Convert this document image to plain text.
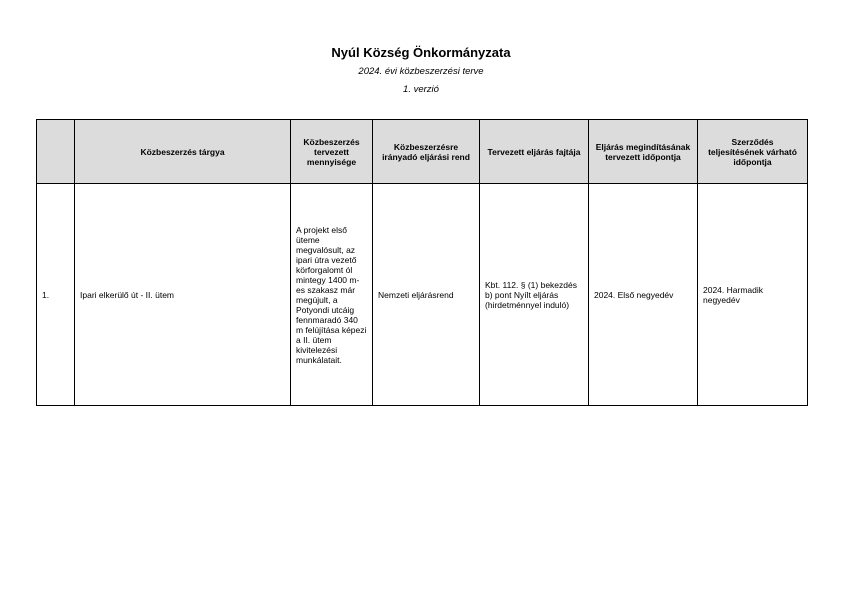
Nyúl Község Önkormányzata
2024. évi közbeszerzési terve
1. verzió
	Közbeszerzés tárgya	Közbeszerzés tervezett mennyisége	Közbeszerzésre irányadó eljárási rend	Tervezett eljárás fajtája	Eljárás megindításának tervezett időpontja	Szerződés teljesítésének várható időpontja
1.	Ipari elkerülő út - II. ütem	A projekt első üteme megvalósult, az ipari útra vezető körforgalomt ól mintegy 1400 m-es szakasz már megújult, a Potyondi utcáig fennmaradó 340 m felújítása képezi a II. ütem kivitelezési munkálatait.	Nemzeti eljárásrend	Kbt. 112. § (1) bekezdés b) pont Nyílt eljárás (hirdetménnyel induló)	2024. Első negyedév	2024. Harmadik negyedév
